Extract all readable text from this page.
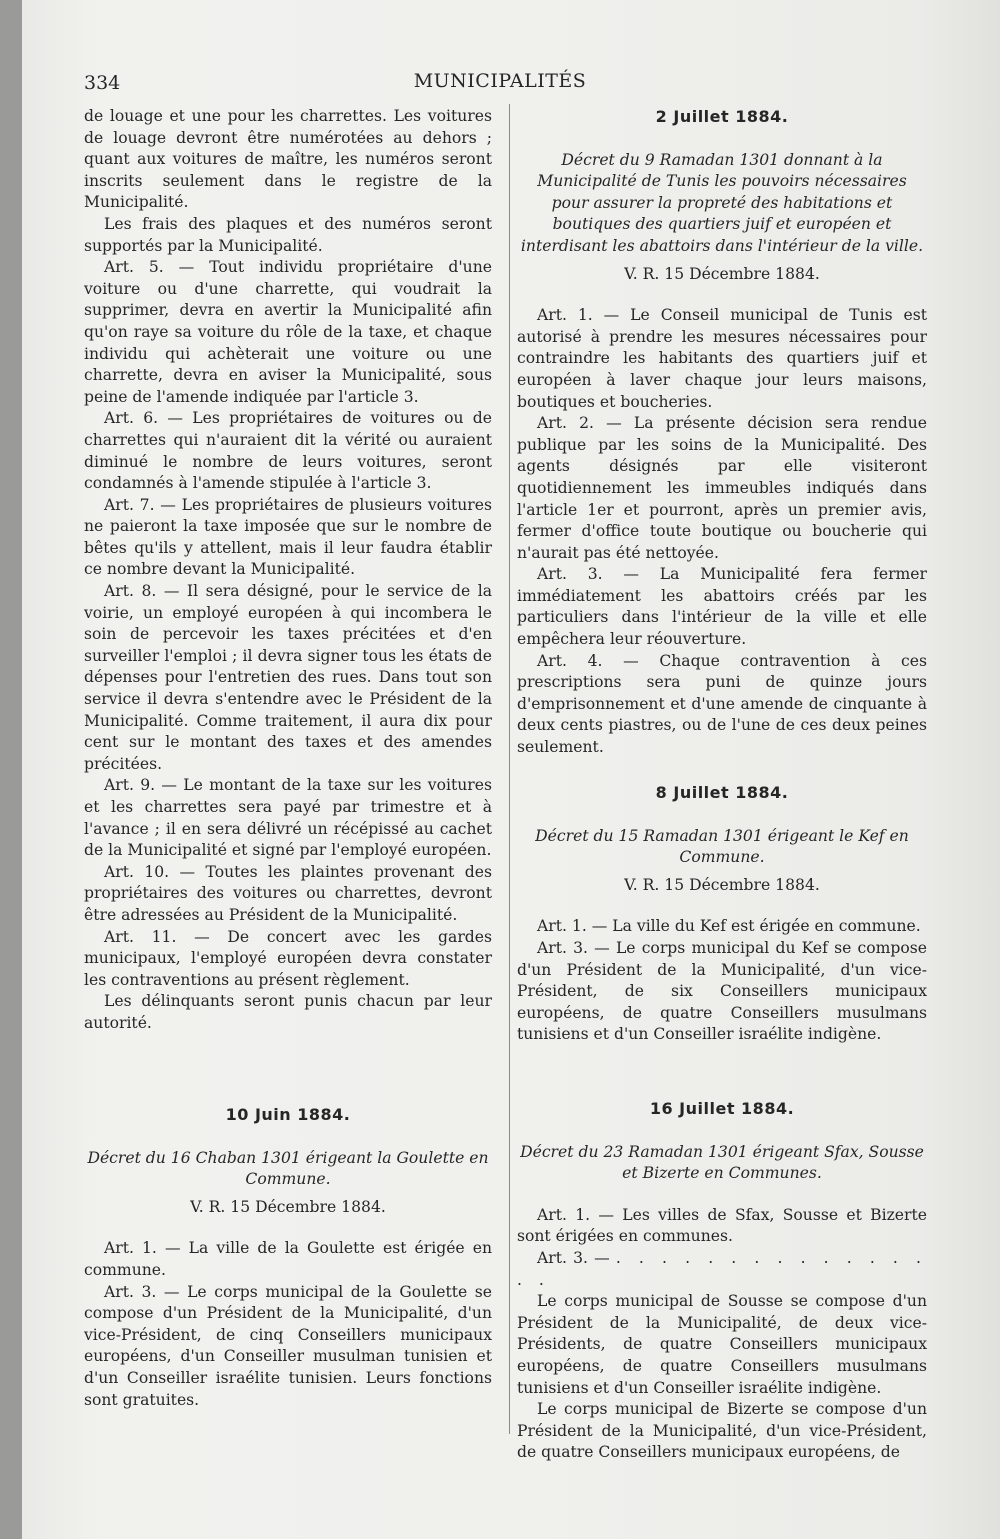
334	MUNICIPALITÉS

de louage et une pour les charrettes. Les voitures de louage devront être numérotées au dehors ; quant aux voitures de maître, les numéros seront inscrits seulement dans le registre de la Municipalité.

Les frais des plaques et des numéros seront supportés par la Municipalité.

Art. 5. — Tout individu propriétaire d'une voiture ou d'une charrette, qui voudrait la supprimer, devra en avertir la Municipalité afin qu'on raye sa voiture du rôle de la taxe, et chaque individu qui achèterait une voiture ou une charrette, devra en aviser la Municipalité, sous peine de l'amende indiquée par l'article 3.

Art. 6. — Les propriétaires de voitures ou de charrettes qui n'auraient dit la vérité ou auraient diminué le nombre de leurs voitures, seront condamnés à l'amende stipulée à l'article 3.

Art. 7. — Les propriétaires de plusieurs voitures ne paieront la taxe imposée que sur le nombre de bêtes qu'ils y attellent, mais il leur faudra établir ce nombre devant la Municipalité.

Art. 8. — Il sera désigné, pour le service de la voirie, un employé européen à qui incombera le soin de percevoir les taxes précitées et d'en surveiller l'emploi ; il devra signer tous les états de dépenses pour l'entretien des rues. Dans tout son service il devra s'entendre avec le Président de la Municipalité. Comme traitement, il aura dix pour cent sur le montant des taxes et des amendes précitées.

Art. 9. — Le montant de la taxe sur les voitures et les charrettes sera payé par trimestre et à l'avance ; il en sera délivré un récépissé au cachet de la Municipalité et signé par l'employé européen.

Art. 10. — Toutes les plaintes provenant des propriétaires des voitures ou charrettes, devront être adressées au Président de la Municipalité.

Art. 11. — De concert avec les gardes municipaux, l'employé européen devra constater les contraventions au présent règlement.

Les délinquants seront punis chacun par leur autorité.

10 Juin 1884.

Décret du 16 Chaban 1301 érigeant la Goulette en Commune.

V. R. 15 Décembre 1884.

Art. 1. — La ville de la Goulette est érigée en commune.

Art. 3. — Le corps municipal de la Goulette se compose d'un Président de la Municipalité, d'un vice-Président, de cinq Conseillers municipaux européens, d'un Conseiller musulman tunisien et d'un Conseiller israélite tunisien. Leurs fonctions sont gratuites.

2 Juillet 1884.

Décret du 9 Ramadan 1301 donnant à la Municipalité de Tunis les pouvoirs nécessaires pour assurer la propreté des habitations et boutiques des quartiers juif et européen et interdisant les abattoirs dans l'intérieur de la ville.

V. R. 15 Décembre 1884.

Art. 1. — Le Conseil municipal de Tunis est autorisé à prendre les mesures nécessaires pour contraindre les habitants des quartiers juif et européen à laver chaque jour leurs maisons, boutiques et boucheries.

Art. 2. — La présente décision sera rendue publique par les soins de la Municipalité. Des agents désignés par elle visiteront quotidiennement les immeubles indiqués dans l'article 1er et pourront, après un premier avis, fermer d'office toute boutique ou boucherie qui n'aurait pas été nettoyée.

Art. 3. — La Municipalité fera fermer immédiatement les abattoirs créés par les particuliers dans l'intérieur de la ville et elle empêchera leur réouverture.

Art. 4. — Chaque contravention à ces prescriptions sera puni de quinze jours d'emprisonnement et d'une amende de cinquante à deux cents piastres, ou de l'une de ces deux peines seulement.

8 Juillet 1884.

Décret du 15 Ramadan 1301 érigeant le Kef en Commune.

V. R. 15 Décembre 1884.

Art. 1. — La ville du Kef est érigée en commune.

Art. 3. — Le corps municipal du Kef se compose d'un Président de la Municipalité, d'un vice-Président, de six Conseillers municipaux européens, de quatre Conseillers musulmans tunisiens et d'un Conseiller israélite indigène.

16 Juillet 1884.

Décret du 23 Ramadan 1301 érigeant Sfax, Sousse et Bizerte en Communes.

Art. 1. — Les villes de Sfax, Sousse et Bizerte sont érigées en communes.

Art. 3. — . . . . . . . . . . . . . . . .

Le corps municipal de Sousse se compose d'un Président de la Municipalité, de deux vice-Présidents, de quatre Conseillers municipaux européens, de quatre Conseillers musulmans tunisiens et d'un Conseiller israélite indigène.

Le corps municipal de Bizerte se compose d'un Président de la Municipalité, d'un vice-Président, de quatre Conseillers municipaux européens, de
